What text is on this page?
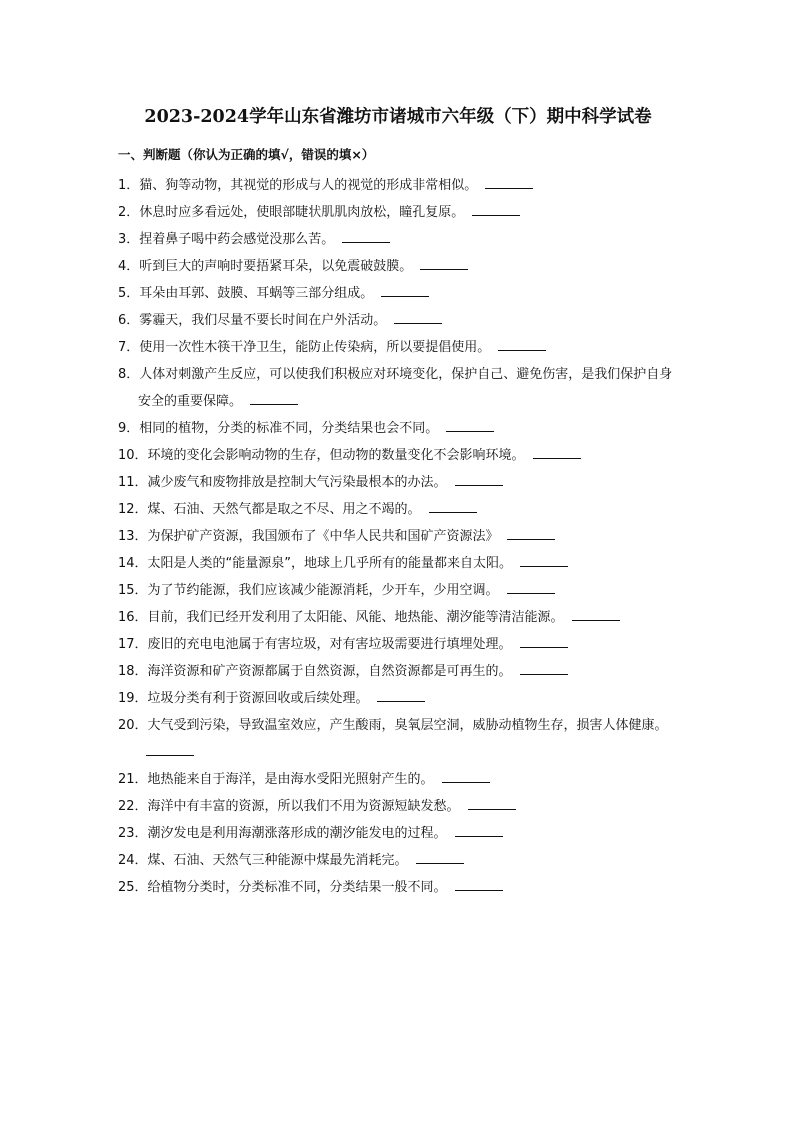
2023-2024学年山东省潍坊市诸城市六年级（下）期中科学试卷
一、判断题（你认为正确的填√，错误的填×）
1．猫、狗等动物，其视觉的形成与人的视觉的形成非常相似。
2．休息时应多看远处，使眼部睫状肌肌肉放松，瞳孔复原。
3．捏着鼻子喝中药会感觉没那么苦。
4．听到巨大的声响时要捂紧耳朵，以免震破鼓膜。
5．耳朵由耳郭、鼓膜、耳蜗等三部分组成。
6．雾霾天，我们尽量不要长时间在户外活动。
7．使用一次性木筷干净卫生，能防止传染病，所以要提倡使用。
8．人体对刺激产生反应，可以使我们积极应对环境变化，保护自己、避免伤害，是我们保护自身安全的重要保障。
9．相同的植物，分类的标准不同，分类结果也会不同。
10．环境的变化会影响动物的生存，但动物的数量变化不会影响环境。
11．减少废气和废物排放是控制大气污染最根本的办法。
12．煤、石油、天然气都是取之不尽、用之不竭的。
13．为保护矿产资源，我国颁布了《中华人民共和国矿产资源法》
14．太阳是人类的“能量源泉”，地球上几乎所有的能量都来自太阳。
15．为了节约能源，我们应该减少能源消耗，少开车，少用空调。
16．目前，我们已经开发利用了太阳能、风能、地热能、潮汐能等清洁能源。
17．废旧的充电电池属于有害垃圾，对有害垃圾需要进行填埋处理。
18．海洋资源和矿产资源都属于自然资源，自然资源都是可再生的。
19．垃圾分类有利于资源回收或后续处理。
20．大气受到污染，导致温室效应，产生酸雨，臭氧层空洞，威胁动植物生存，损害人体健康。
21．地热能来自于海洋，是由海水受阳光照射产生的。
22．海洋中有丰富的资源，所以我们不用为资源短缺发愁。
23．潮汐发电是利用海潮涨落形成的潮汐能发电的过程。
24．煤、石油、天然气三种能源中煤最先消耗完。
25．给植物分类时，分类标准不同，分类结果一般不同。
